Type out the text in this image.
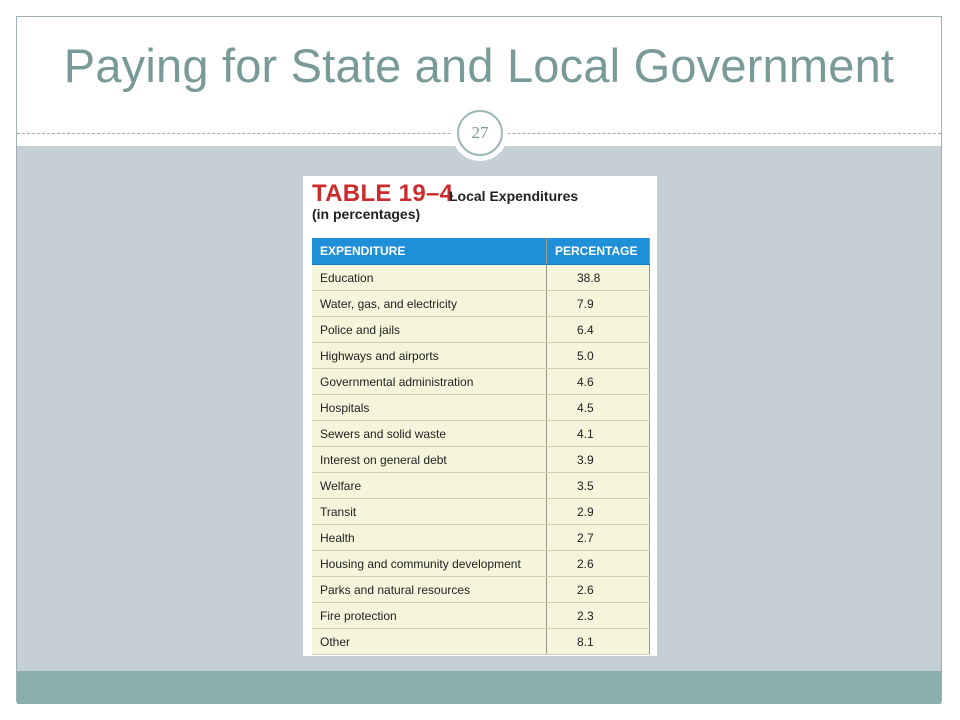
Paying for State and Local Government
27
TABLE 19–4
Local Expenditures
(in percentages)
EXPENDITURE	PERCENTAGE
Education	38.8
Water, gas, and electricity	7.9
Police and jails	6.4
Highways and airports	5.0
Governmental administration	4.6
Hospitals	4.5
Sewers and solid waste	4.1
Interest on general debt	3.9
Welfare	3.5
Transit	2.9
Health	2.7
Housing and community development	2.6
Parks and natural resources	2.6
Fire protection	2.3
Other	8.1
